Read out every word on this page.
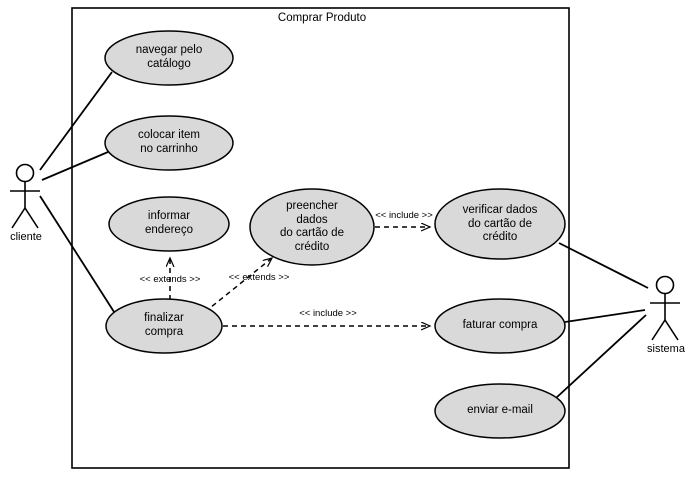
Comprar Produto
navegar pelo
catálogo
colocar item
no carrinho
informar
endereço
preencher
dados
do cartão de
crédito
verificar dados
do cartão de
crédito
finalizar
compra
faturar compra
enviar e-mail
cliente
sistema
<< include >>
<< include >>
<< extends >>	<< extends >>
